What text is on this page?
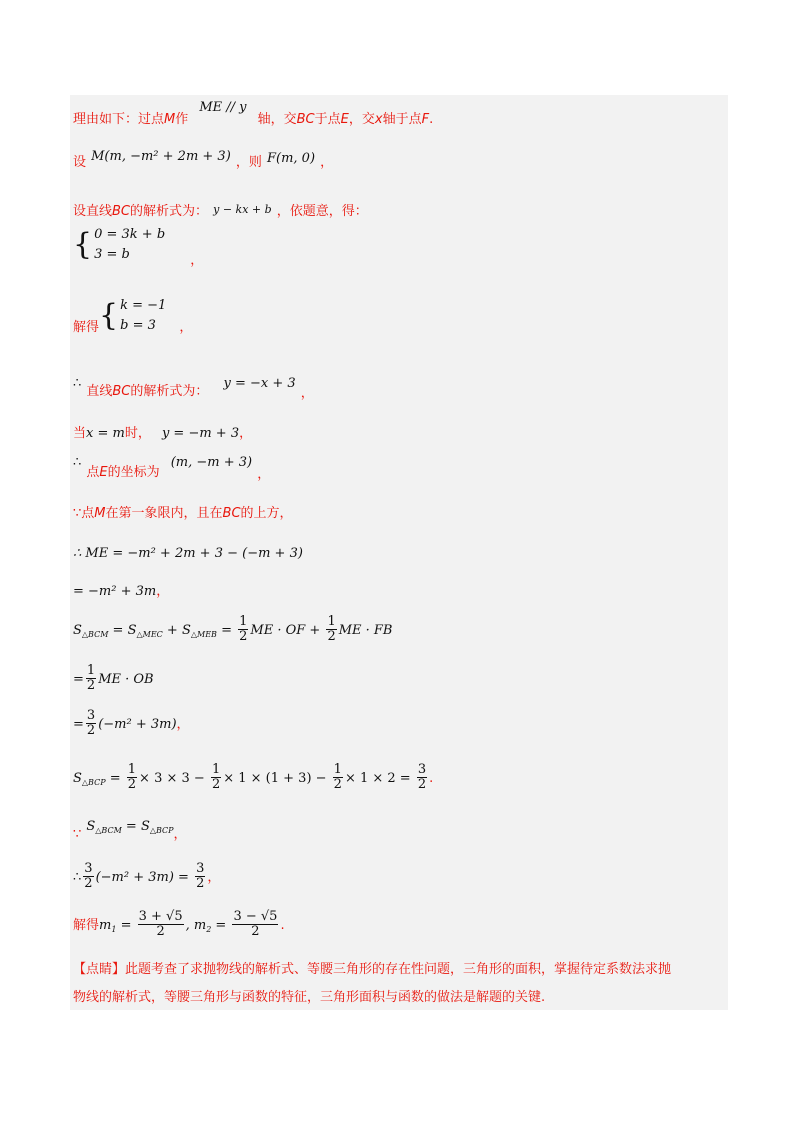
理由如下：过点M作 $^{ME // y}$ 轴，交BC于点E，交x轴于点F.
设 $^{M(m, -m^2 + 2m + 3)}$ ，则 $^{F(m, 0)}$ ，
设直线BC的解析式为： y − kx + b ，依题意，得：
{ 0 = 3k + b
3 = b	$_,$
$_{解得}${ k = −1
b = 3	$_,$
∴ $_{直线BC的解析式为:}$ y = −x + 3 $_,$
当x = m时， y = −m + 3，
∴ $_{点E的坐标为}$ (m, −m + 3) $_,$
∵点M在第一象限内，且在BC的上方，
∴ ME = −m² + 2m + 3 − (−m + 3)
= −m² + 3m，
$S_{\triangle BCM} = S_{\triangle MEC} + S_{\triangle MEB} = \frac{1}{2}$ ME · OF + $\frac{1}{2}$ ME · FB
= $\frac{1}{2}$ ME · OB
= $\frac{3}{2} (-m^2 + 3m)$，
$S_{\triangle BCP} = \frac{1}{2} \times 3 \times 3 - \frac{1}{2} \times 1 \times (1 + 3) - \frac{1}{2} \times 1 \times 2 = \frac{3}{2}$ .
$_\because$ $S_{\triangle BCM} = S_{\triangle BCP,}$
∴ $\frac{3}{2} (-m^2 + 3m) = \frac{3}{2}$ ，
解得$m_1 = \frac{3 + √5}{2}$ , $m_2 = \frac{3 - √5}{2}$ .
【点睛】此题考查了求抛物线的解析式、等腰三角形的存在性问题，三角形的面积，掌握待定系数法求抛
物线的解析式，等腰三角形与函数的特征，三角形面积与函数的做法是解题的关键.
